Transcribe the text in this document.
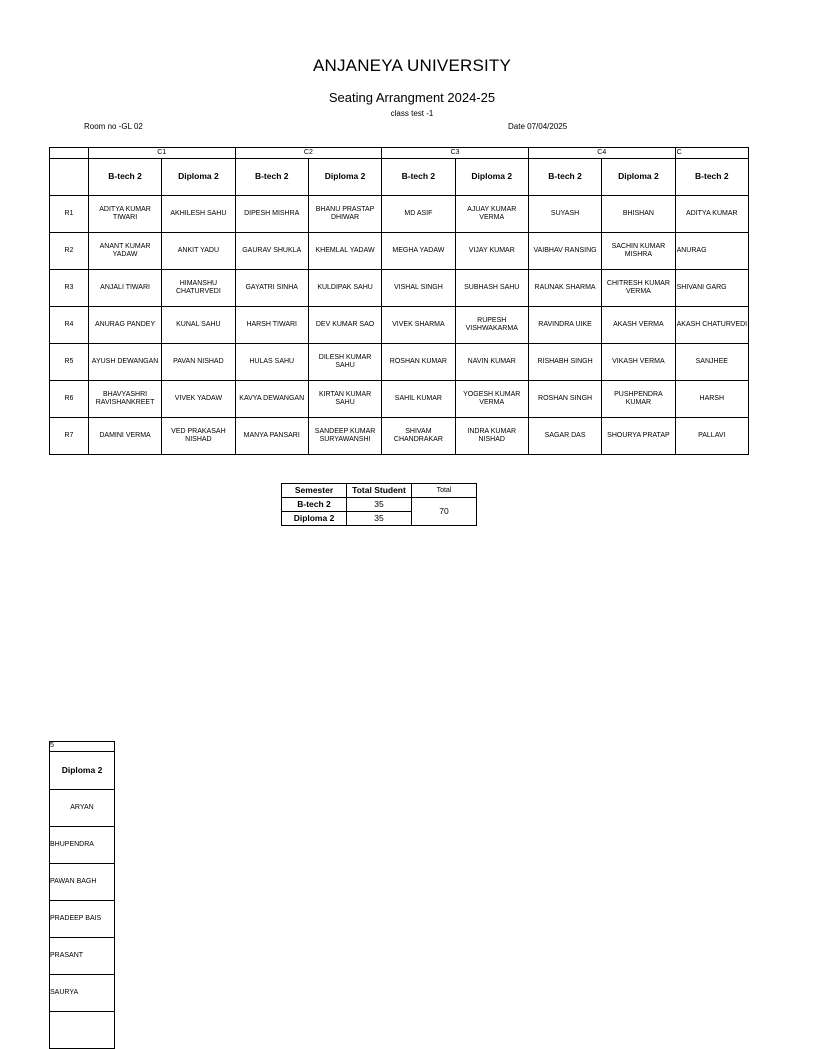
ANJANEYA UNIVERSITY
Seating Arrangment 2024-25
class test -1
Room no -GL 02	Date 07/04/2025
	C1		C2		C3		C4		C
	B-tech 2	Diploma 2	B-tech 2	Diploma 2	B-tech 2	Diploma 2	B-tech 2	Diploma 2	B-tech 2
R1	ADITYA KUMAR TIWARI	AKHILESH SAHU	DIPESH MISHRA	BHANU PRASTAP DHIWAR	MD ASIF	AJUAY KUMAR VERMA	SUYASH	BHISHAN	ADITYA KUMAR
R2	ANANT KUMAR YADAW	ANKIT YADU	GAURAV SHUKLA	KHEMLAL YADAW	MEGHA YADAW	VIJAY KUMAR	VAIBHAV RANSING	SACHIN KUMAR MISHRA	ANURAG
R3	ANJALI TIWARI	HIMANSHU CHATURVEDI	GAYATRI SINHA	KULDIPAK SAHU	VISHAL SINGH	SUBHASH SAHU	RAUNAK SHARMA	CHITRESH KUMAR VERMA	SHIVANI GARG
R4	ANURAG PANDEY	KUNAL SAHU	HARSH TIWARI	DEV KUMAR SAO	VIVEK SHARMA	RUPESH VISHWAKARMA	RAVINDRA UIKE	AKASH VERMA	AKASH CHATURVEDI
R5	AYUSH DEWANGAN	PAVAN NISHAD	HULAS SAHU	DILESH KUMAR SAHU	ROSHAN KUMAR	NAVIN KUMAR	RISHABH SINGH	VIKASH VERMA	SANJHEE
R6	BHAVYASHRI RAVISHANKREET	VIVEK YADAW	KAVYA DEWANGAN	KIRTAN KUMAR SAHU	SAHIL KUMAR	YOGESH KUMAR VERMA	ROSHAN SINGH	PUSHPENDRA KUMAR	HARSH
R7	DAMINI VERMA	VED PRAKASAH NISHAD	MANYA PANSARI	SANDEEP KUMAR SURYAWANSHI	SHIVAM CHANDRAKAR	INDRA KUMAR NISHAD	SAGAR DAS	SHOURYA PRATAP	PALLAVI
Semester	Total Student	Total
B-tech 2	35	70
Diploma 2	35	
5
Diploma 2
ARYAN
BHUPENDRA
PAWAN BAGH
PRADEEP BAIS
PRASANT
SAURYA
